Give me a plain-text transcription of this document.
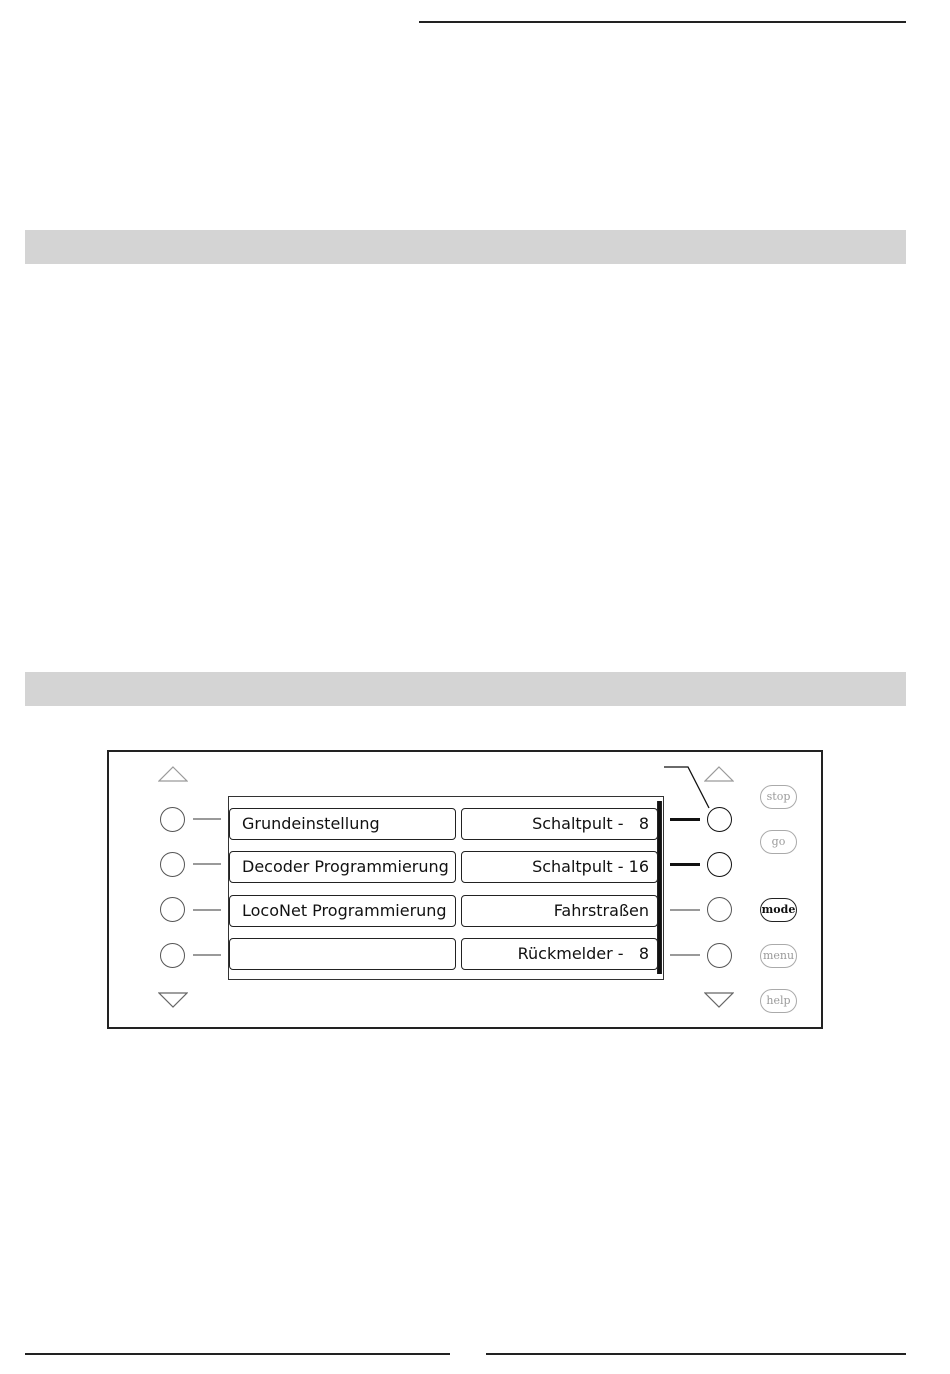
Grundeinstellung
Decoder Programmierung
LocoNet Programmierung
Schaltpult -   8
Schaltpult - 16
Fahrstraßen
Rückmelder -   8
stop
go
mode
menu
help
